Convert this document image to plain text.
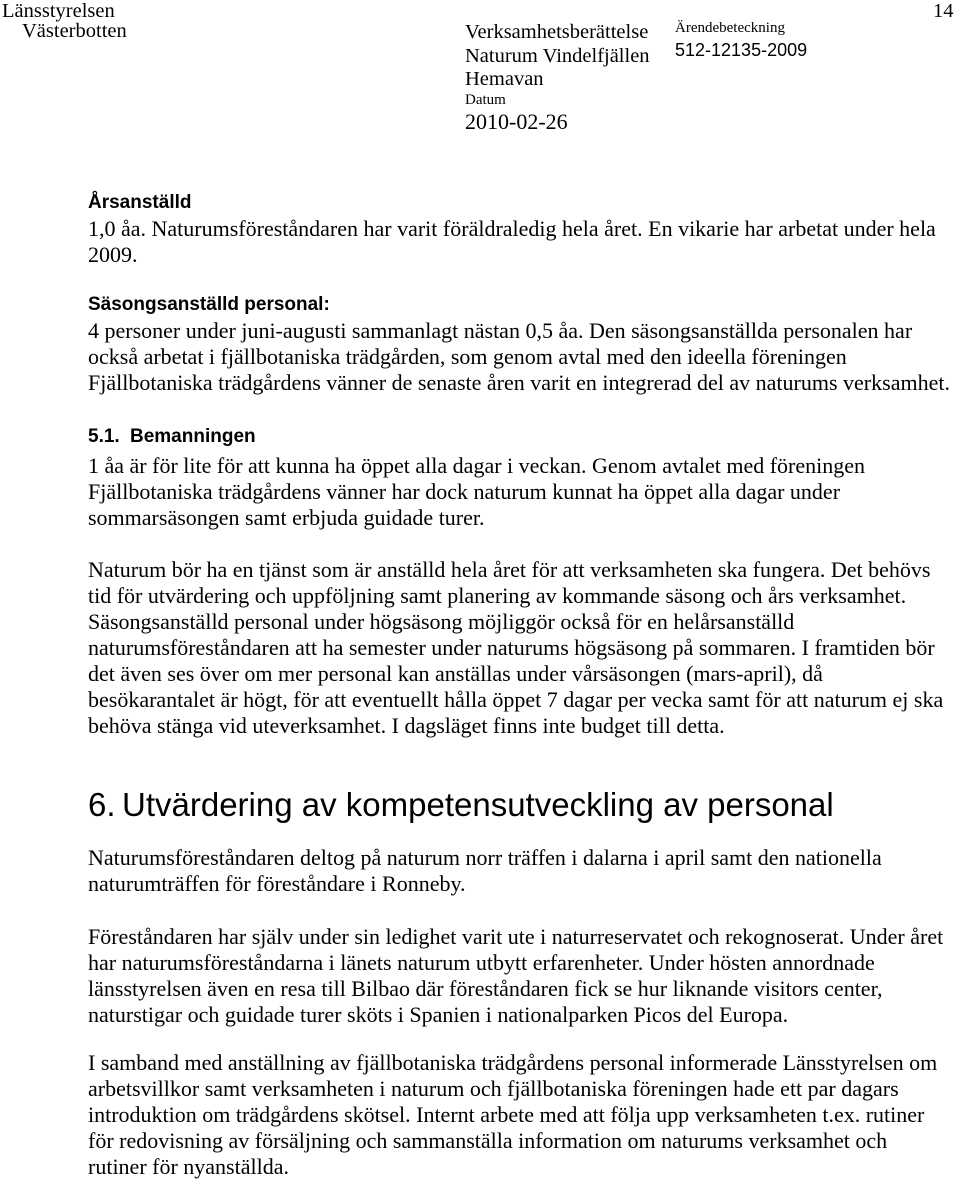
Länsstyrelsen
Västerbotten	Verksamhetsberättelse
Naturum Vindelfjällen
Hemavan
Datum
2010-02-26
Ärendebeteckning
512-12135-2009
14
Årsanställd
1,0 åa. Naturumsföreståndaren har varit föräldraledig hela året. En vikarie har arbetat under hela
2009.
Säsongsanställd personal:
4 personer under juni-augusti sammanlagt nästan 0,5 åa. Den säsongsanställda personalen har
också arbetat i fjällbotaniska trädgården, som genom avtal med den ideella föreningen
Fjällbotaniska trädgårdens vänner de senaste åren varit en integrerad del av naturums verksamhet.
5.1. Bemanningen
1 åa är för lite för att kunna ha öppet alla dagar i veckan. Genom avtalet med föreningen
Fjällbotaniska trädgårdens vänner har dock naturum kunnat ha öppet alla dagar under
sommarsäsongen samt erbjuda guidade turer.
Naturum bör ha en tjänst som är anställd hela året för att verksamheten ska fungera. Det behövs
tid för utvärdering och uppföljning samt planering av kommande säsong och års verksamhet.
Säsongsanställd personal under högsäsong möjliggör också för en helårsanställd
naturumsföreståndaren att ha semester under naturums högsäsong på sommaren. I framtiden bör
det även ses över om mer personal kan anställas under vårsäsongen (mars-april), då
besökarantalet är högt, för att eventuellt hålla öppet 7 dagar per vecka samt för att naturum ej ska
behöva stänga vid uteverksamhet. I dagsläget finns inte budget till detta.
6. Utvärdering av kompetensutveckling av personal
Naturumsföreståndaren deltog på naturum norr träffen i dalarna i april samt den nationella
naturumträffen för föreståndare i Ronneby.
Föreståndaren har själv under sin ledighet varit ute i naturreservatet och rekognoserat. Under året
har naturumsföreståndarna i länets naturum utbytt erfarenheter. Under hösten annordnade
länsstyrelsen även en resa till Bilbao där föreståndaren fick se hur liknande visitors center,
naturstigar och guidade turer sköts i Spanien i nationalparken Picos del Europa.
I samband med anställning av fjällbotaniska trädgårdens personal informerade Länsstyrelsen om
arbetsvillkor samt verksamheten i naturum och fjällbotaniska föreningen hade ett par dagars
introduktion om trädgårdens skötsel. Internt arbete med att följa upp verksamheten t.ex. rutiner
för redovisning av försäljning och sammanställa information om naturums verksamhet och
rutiner för nyanställda.
